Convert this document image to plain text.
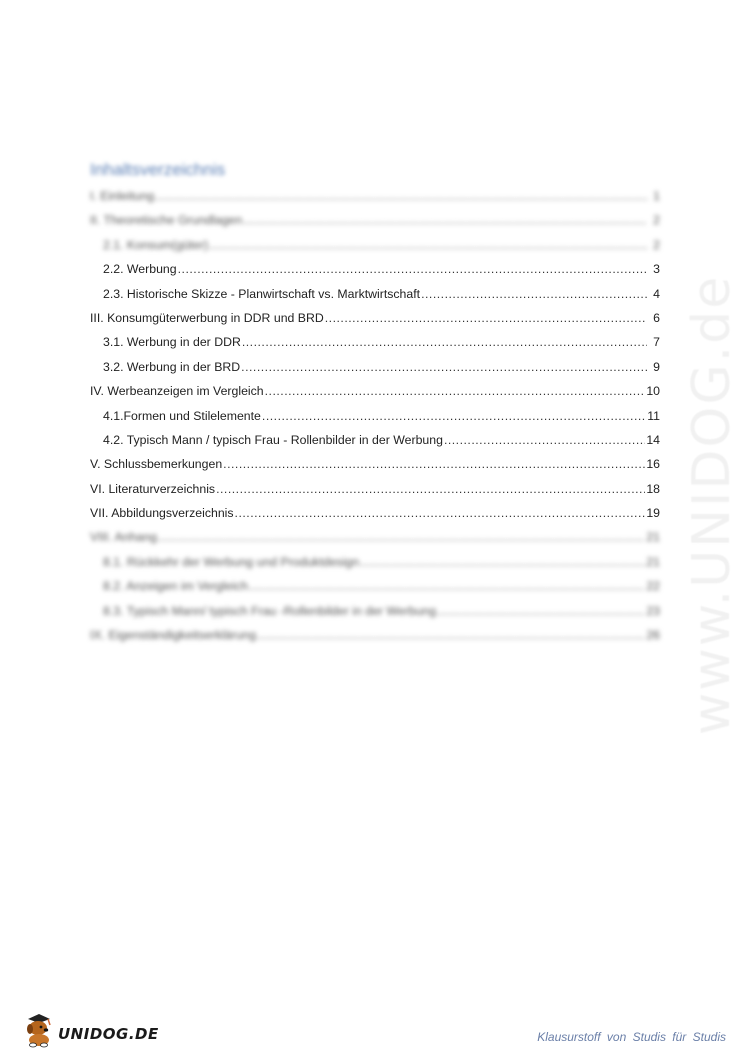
Inhaltsverzeichnis
I. Einleitung .....	1
II. Theoretische Grundlagen .....	2
2.1. Konsum(güter) .....	2
2.2. Werbung .....	3
2.3. Historische Skizze - Planwirtschaft vs. Marktwirtschaft .....	4
III. Konsumgüterwerbung in DDR und BRD .....	6
3.1. Werbung in der DDR .....	7
3.2. Werbung in der BRD .....	9
IV. Werbeanzeigen im Vergleich .....	10
4.1.Formen und Stilelemente .....	11
4.2. Typisch Mann / typisch Frau - Rollenbilder in der Werbung .....	14
V. Schlussbemerkungen .....	16
VI. Literaturverzeichnis .....	18
VII. Abbildungsverzeichnis .....	19
VIII. Anhang .....	21
8.1. Rückkehr der Werbung und Produktdesign .....	21
8.2. Anzeigen im Vergleich .....	22
8.3. Typisch Mann/ typisch Frau -Rollenbilder in der Werbung .....	23
IX. Eigenständigkeitserklärung .....	26 www.UNIDOG.de
UNIDOG.DE	Klausurstoff von Studis für Studis
